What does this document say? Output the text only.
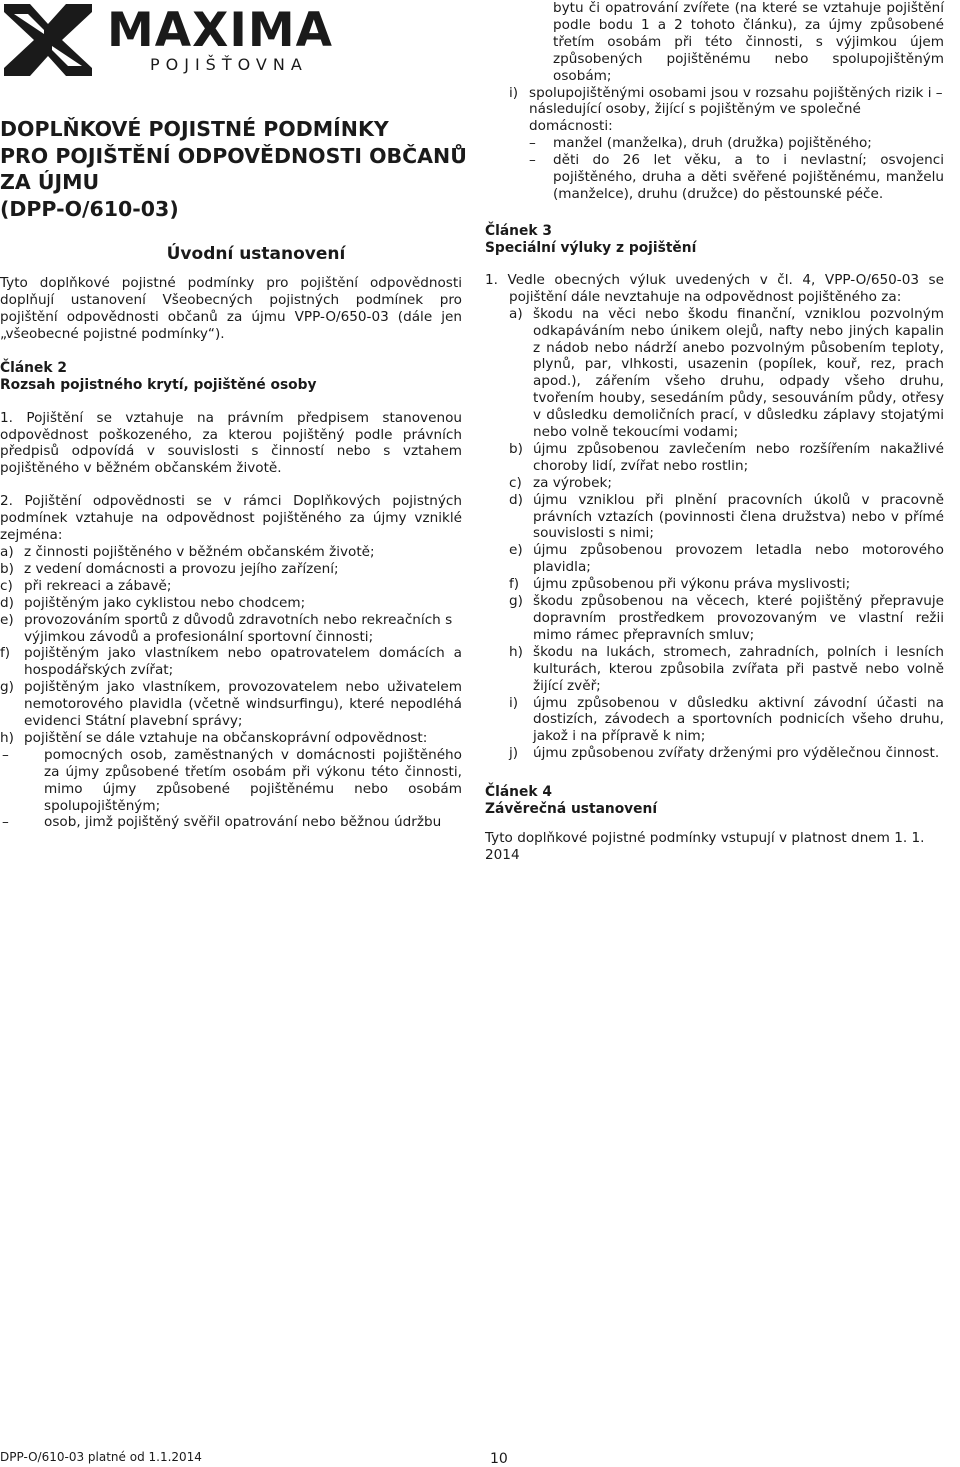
MAXIMA
POJIŠŤOVNA
DOPLŇKOVÉ POJISTNÉ PODMÍNKY
PRO POJIŠTĚNÍ ODPOVĚDNOSTI OBČANŮ
ZA ÚJMU
(DPP-O/610-03)
Úvodní ustanovení

Tyto doplňkové pojistné podmínky pro pojištění odpovědnosti doplňují ustanovení Všeobecných pojistných podmínek pro pojištění odpovědnosti občanů za újmu VPP-O/650-03 (dále jen „všeobecné pojistné podmínky“).

Článek 2
Rozsah pojistného krytí, pojištěné osoby

1. Pojištění se vztahuje na právním předpisem stanovenou odpovědnost poškozeného, za kterou pojištěný podle právních předpisů odpovídá v souvislosti s činností nebo s vztahem pojištěného v běžném občanském životě.

2. Pojištění odpovědnosti se v rámci Doplňkových pojistných podmínek vztahuje na odpovědnost pojištěného za újmy vzniklé zejména:

a) z činnosti pojištěného v běžném občanském životě;
b) z vedení domácnosti a provozu jejího zařízení;
c) při rekreaci a zábavě;
d) pojištěným jako cyklistou nebo chodcem;
e) provozováním sportů z důvodů zdravotních nebo rekreačních s výjimkou závodů a profesionální sportovní činnosti;
f) pojištěným jako vlastníkem nebo opatrovatelem domácích a hospodářských zvířat;
g) pojištěným jako vlastníkem, provozovatelem nebo uživatelem nemotorového plavidla (včetně windsurfingu), které nepodléhá evidenci Státní plavební správy;
h) pojištění se dále vztahuje na občanskoprávní odpovědnost:
–	pomocných osob, zaměstnaných v domácnosti pojištěného za újmy způsobené třetím osobám při výkonu této činnosti, mimo újmy způsobené pojištěnému nebo osobám spolupojištěným;
–	osob, jimž pojištěný svěřil opatrování nebo běžnou údržbu

bytu či opatrování zvířete (na které se vztahuje pojištění podle bodu 1 a 2 tohoto článku), za újmy způsobené třetím osobám při této činnosti, s výjimkou újem způsobených pojištěnému nebo spolupojištěným osobám;

i) spolupojištěnými osobami jsou v rozsahu pojištěných rizik i – následující osoby, žijící s pojištěným ve společné domácnosti:
–	manžel (manželka), druh (družka) pojištěného;
–	děti do 26 let věku, a to i nevlastní; osvojenci pojištěného, druha a děti svěřené pojištěnému, manželu (manželce), druhu (družce) do pěstounské péče.
Článek 3
Speciální výluky z pojištění

1. Vedle obecných výluk uvedených v čl. 4, VPP-O/650-03 se pojištění dále nevztahuje na odpovědnost pojištěného za:

a) škodu na věci nebo škodu finanční, vzniklou pozvolným odkapáváním nebo únikem olejů, nafty nebo jiných kapalin z nádob nebo nádrží anebo pozvolným působením teploty, plynů, par, vlhkosti, usazenin (popílek, kouř, rez, prach apod.), zářením všeho druhu, odpady všeho druhu, tvořením houby, sesedáním půdy, sesouváním půdy, otřesy v důsledku demoličních prací, v důsledku záplavy stojatými nebo volně tekoucími vodami;
b) újmu způsobenou zavlečením nebo rozšířením nakažlivé choroby lidí, zvířat nebo rostlin;
c) za výrobek;
d) újmu vzniklou při plnění pracovních úkolů v pracovně právních vztazích (povinnosti člena družstva) nebo v přímé souvislosti s nimi;
e) újmu způsobenou provozem letadla nebo motorového plavidla;
f) újmu způsobenou při výkonu práva myslivosti;
g) škodu způsobenou na věcech, které pojištěný přepravuje dopravním prostředkem provozovaným ve vlastní režii mimo rámec přepravních smluv;
h) škodu na lukách, stromech, zahradních, polních i lesních kulturách, kterou způsobila zvířata při pastvě nebo volně žijící zvěř;
i) újmu způsobenou v důsledku aktivní závodní účasti na dostizích, závodech a sportovních podnicích všeho druhu, jakož i na přípravě k nim;
j) újmu způsobenou zvířaty drženými pro výdělečnou činnost.
Článek 4
Závěrečná ustanovení

Tyto doplňkové pojistné podmínky vstupují v platnost dnem 1. 1. 2014

DPP-O/610-03 platné od 1.1.2014	10
